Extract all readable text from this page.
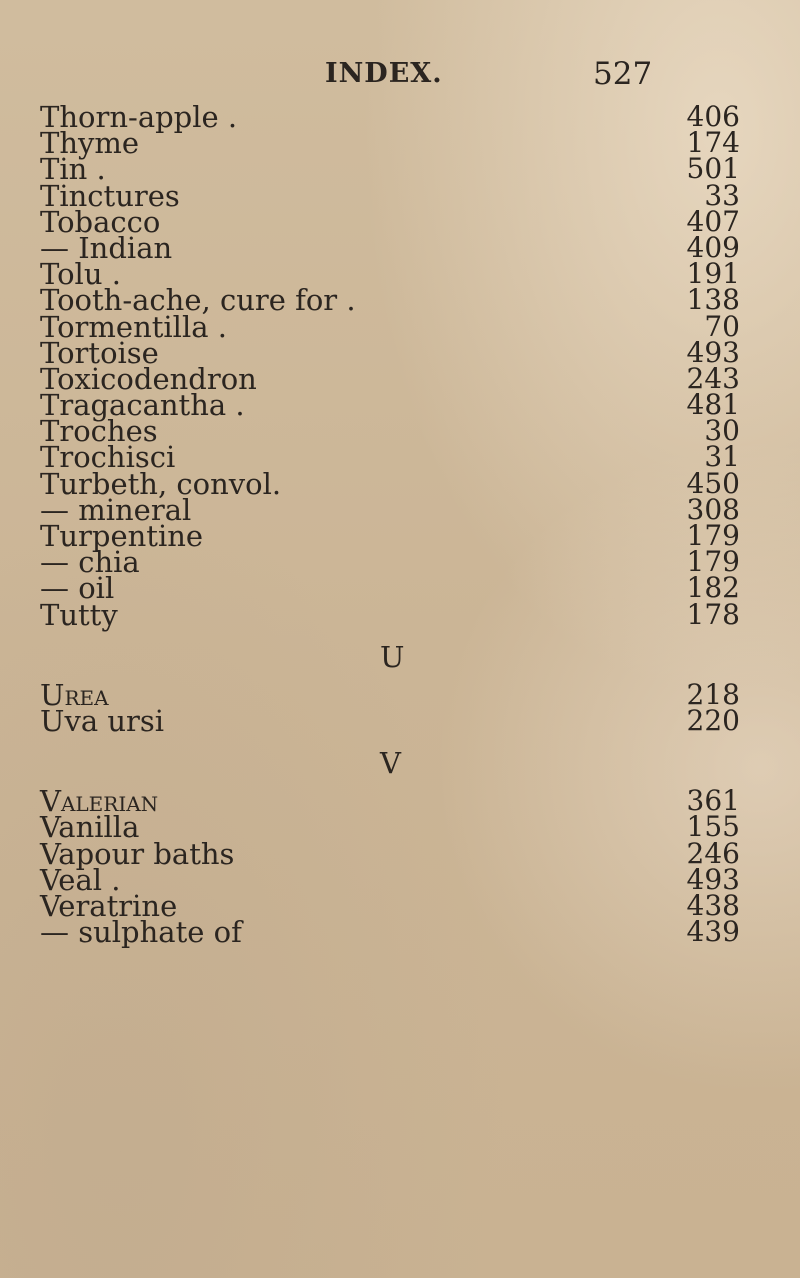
INDEX.	527
Thorn-apple .	406
Thyme	174
Tin .	501
Tinctures	33
Tobacco	407
— Indian	409
Tolu .	191
Tooth-ache, cure for .	138
Tormentilla .	70
Tortoise	493
Toxicodendron	243
Tragacantha .	481
Troches	30
Trochisci	31
Turbeth, convol.	450
— mineral	308
Turpentine	179
— chia	179
— oil	182
Tutty	178
U
Urea	218
Uva ursi	220
V
Valerian	361
Vanilla	155
Vapour baths	246
Veal .	493
Veratrine	438
— sulphate of	439
